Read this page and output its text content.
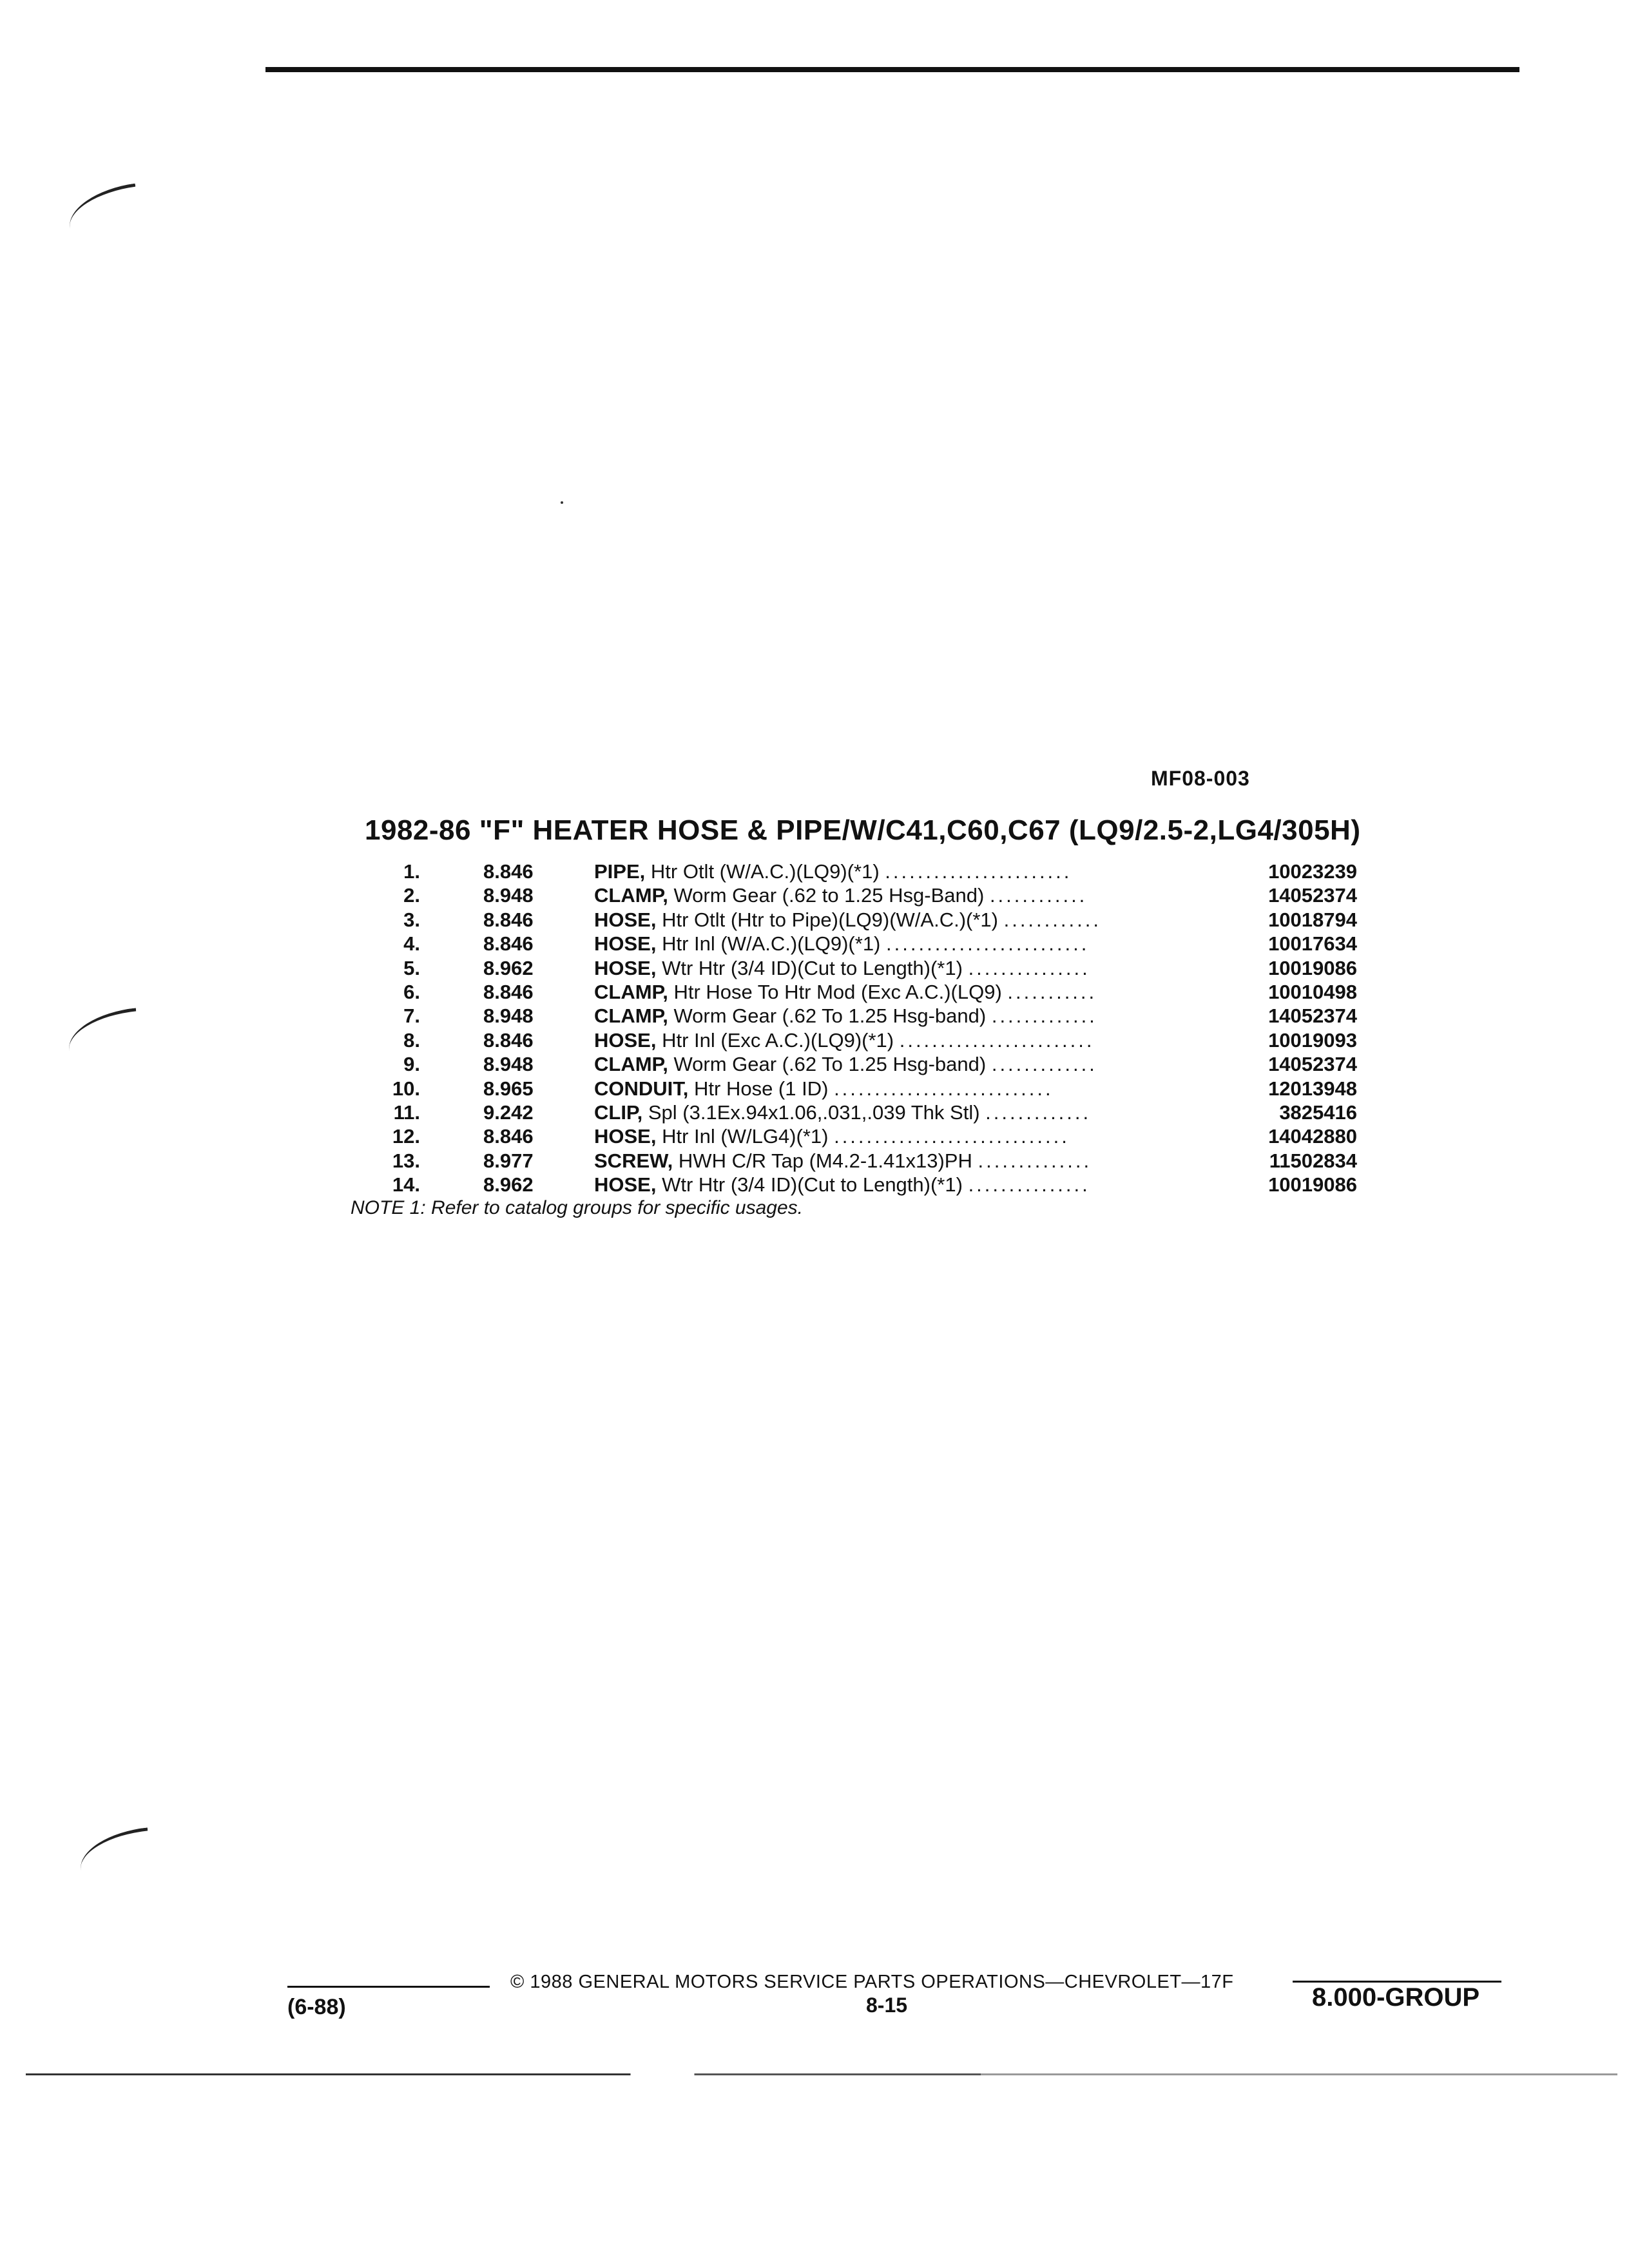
MF08-003
1982-86 "F" HEATER HOSE & PIPE/W/C41,C60,C67 (LQ9/2.5-2,LG4/305H)
1.	8.846	PIPE, Htr Otlt (W/A.C.)(LQ9)(*1) .......................	10023239
2.	8.948	CLAMP, Worm Gear (.62 to 1.25 Hsg-Band) ............	14052374
3.	8.846	HOSE, Htr Otlt (Htr to Pipe)(LQ9)(W/A.C.)(*1) ............	10018794
4.	8.846	HOSE, Htr Inl (W/A.C.)(LQ9)(*1) .........................	10017634
5.	8.962	HOSE, Wtr Htr (3/4 ID)(Cut to Length)(*1) ...............	10019086
6.	8.846	CLAMP, Htr Hose To Htr Mod (Exc A.C.)(LQ9) ...........	10010498
7.	8.948	CLAMP, Worm Gear (.62 To 1.25 Hsg-band) .............	14052374
8.	8.846	HOSE, Htr Inl (Exc A.C.)(LQ9)(*1) ........................	10019093
9.	8.948	CLAMP, Worm Gear (.62 To 1.25 Hsg-band) .............	14052374
10.	8.965	CONDUIT, Htr Hose (1 ID) ...........................	12013948
11.	9.242	CLIP, Spl (3.1Ex.94x1.06,.031,.039 Thk Stl) .............	3825416
12.	8.846	HOSE, Htr Inl (W/LG4)(*1) .............................	14042880
13.	8.977	SCREW, HWH C/R Tap (M4.2-1.41x13)PH ..............	11502834
14.	8.962	HOSE, Wtr Htr (3/4 ID)(Cut to Length)(*1) ...............	10019086
NOTE 1: Refer to catalog groups for specific usages.
© 1988 GENERAL MOTORS SERVICE PARTS OPERATIONS—CHEVROLET—17F
(6-88)	8-15	8.000-GROUP
